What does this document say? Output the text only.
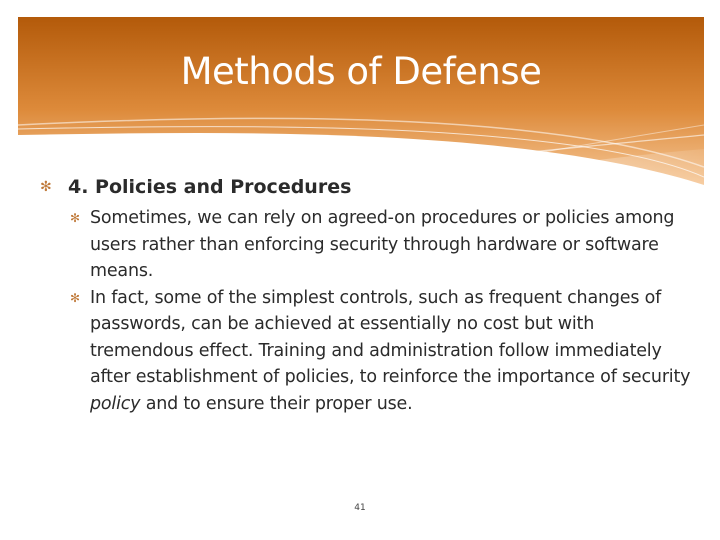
Methods of Defense
✻ 4. Policies and Procedures
✻ Sometimes, we can rely on agreed-on procedures or policies among users rather than enforcing security through hardware or software means.
✻ In fact, some of the simplest controls, such as frequent changes of passwords, can be achieved at essentially no cost but with tremendous effect. Training and administration follow immediately after establishment of policies, to reinforce the importance of security policy and to ensure their proper use.
41
